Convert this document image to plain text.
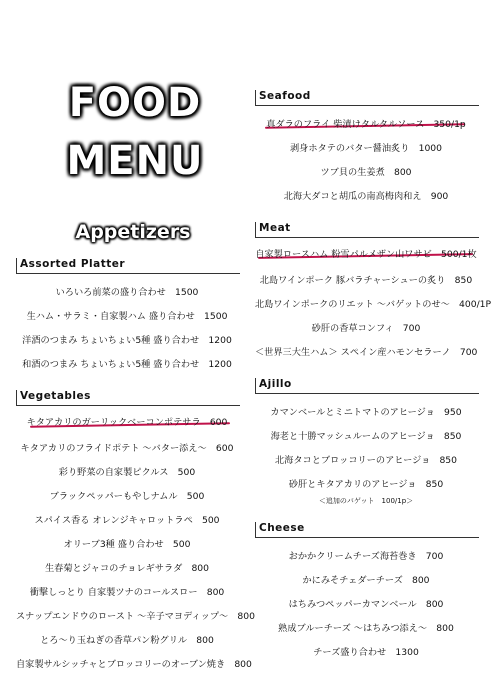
FOOD
MENU
Appetizers
Assorted Platter
いろいろ前菜の盛り合わせ　1500
生ハム・サラミ・自家製ハム 盛り合わせ　1500
洋酒のつまみ ちょいちょい5種 盛り合わせ　1200
和酒のつまみ ちょいちょい5種 盛り合わせ　1200
Vegetables
キタアカリのガーリックベーコンポテサラ　600
キタアカリのフライドポテト ～バター添え～　600
彩り野菜の自家製ピクルス　500
ブラックペッパーもやしナムル　500
スパイス香る オレンジキャロットラペ　500
オリーブ3種 盛り合わせ　500
生春菊とジャコのチョレギサラダ　800
衝撃しっとり 自家製ツナのコールスロー　800
スナップエンドウのロースト ～辛子マヨディップ～　800
とろ～り玉ねぎの香草パン粉グリル　800
自家製サルシッチャとブロッコリーのオーブン焼き　800
Seafood
真ダラのフライ 柴漬けタルタルソース　350/1p
剥身ホタテのバター醤油炙り　1000
ツブ貝の生姜煮　800
北海大ダコと胡瓜の南高梅肉和え　900
Meat
自家製ロースハム 粉雪パルメザン山ワサビ　500/1枚
北島ワインポーク 豚バラチャーシューの炙り　850
北島ワインポークのリエット ～バゲットのせ～　400/1P
砂肝の香草コンフィ　700
＜世界三大生ハム＞ スペイン産ハモンセラーノ　700
Ajillo
カマンベールとミニトマトのアヒージョ　950
海老と十勝マッシュルームのアヒージョ　850
北海タコとブロッコリーのアヒージョ　850
砂肝とキタアカリのアヒージョ　850
＜追加のバゲット　100/1p＞
Cheese
おかかクリームチーズ海苔巻き　700
かにみそチェダーチーズ　800
はちみつペッパーカマンベール　800
熟成ブルーチーズ ～はちみつ添え～　800
チーズ盛り合わせ　1300
